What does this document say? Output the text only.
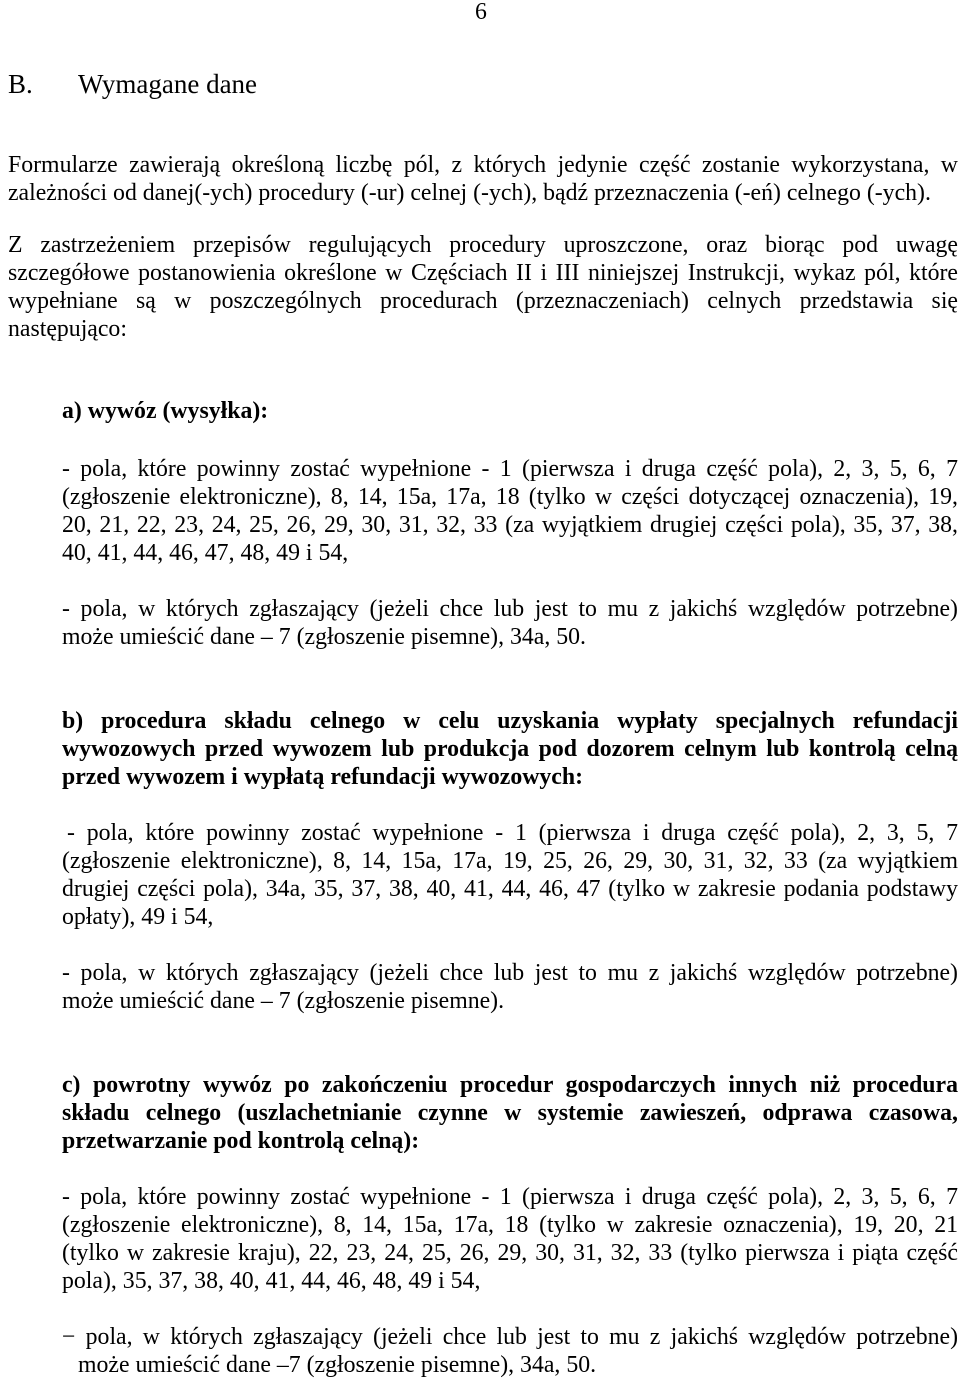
6
B. Wymagane dane
Formularze zawierają określoną liczbę pól, z których jedynie część zostanie wykorzystana, w
zależności od danej(-ych) procedury (-ur) celnej (-ych), bądź przeznaczenia (-eń) celnego (-ych).
Z zastrzeżeniem przepisów regulujących procedury uproszczone, oraz biorąc pod uwagę
szczegółowe postanowienia określone w Częściach II i III niniejszej Instrukcji, wykaz pól, które
wypełniane są w poszczególnych procedurach (przeznaczeniach) celnych przedstawia się
następująco:
a) wywóz (wysyłka):
- pola, które powinny zostać wypełnione - 1 (pierwsza i druga część pola), 2, 3, 5, 6, 7
(zgłoszenie elektroniczne), 8, 14, 15a, 17a, 18 (tylko w części dotyczącej oznaczenia), 19,
20, 21, 22, 23, 24, 25, 26, 29, 30, 31, 32, 33 (za wyjątkiem drugiej części pola), 35, 37, 38,
40, 41, 44, 46, 47, 48, 49 i 54,
- pola, w których zgłaszający (jeżeli chce lub jest to mu z jakichś względów potrzebne)
może umieścić dane – 7 (zgłoszenie pisemne), 34a, 50.
b) procedura składu celnego w celu uzyskania wypłaty specjalnych refundacji
wywozowych przed wywozem lub produkcja pod dozorem celnym lub kontrolą celną
przed wywozem i wypłatą refundacji wywozowych:
- pola, które powinny zostać wypełnione - 1 (pierwsza i druga część pola), 2, 3, 5, 7
(zgłoszenie elektroniczne), 8, 14, 15a, 17a, 19, 25, 26, 29, 30, 31, 32, 33 (za wyjątkiem
drugiej części pola), 34a, 35, 37, 38, 40, 41, 44, 46, 47 (tylko w zakresie podania podstawy
opłaty), 49 i 54,
- pola, w których zgłaszający (jeżeli chce lub jest to mu z jakichś względów potrzebne)
może umieścić dane – 7 (zgłoszenie pisemne).
c) powrotny wywóz po zakończeniu procedur gospodarczych innych niż procedura
składu celnego (uszlachetnianie czynne w systemie zawieszeń, odprawa czasowa,
przetwarzanie pod kontrolą celną):
- pola, które powinny zostać wypełnione - 1 (pierwsza i druga część pola), 2, 3, 5, 6, 7
(zgłoszenie elektroniczne), 8, 14, 15a, 17a, 18 (tylko w zakresie oznaczenia), 19, 20, 21
(tylko w zakresie kraju), 22, 23, 24, 25, 26, 29, 30, 31, 32, 33 (tylko pierwsza i piąta część
pola), 35, 37, 38, 40, 41, 44, 46, 48, 49 i 54,
− pola, w których zgłaszający (jeżeli chce lub jest to mu z jakichś względów potrzebne)
może umieścić dane –7 (zgłoszenie pisemne), 34a, 50.
